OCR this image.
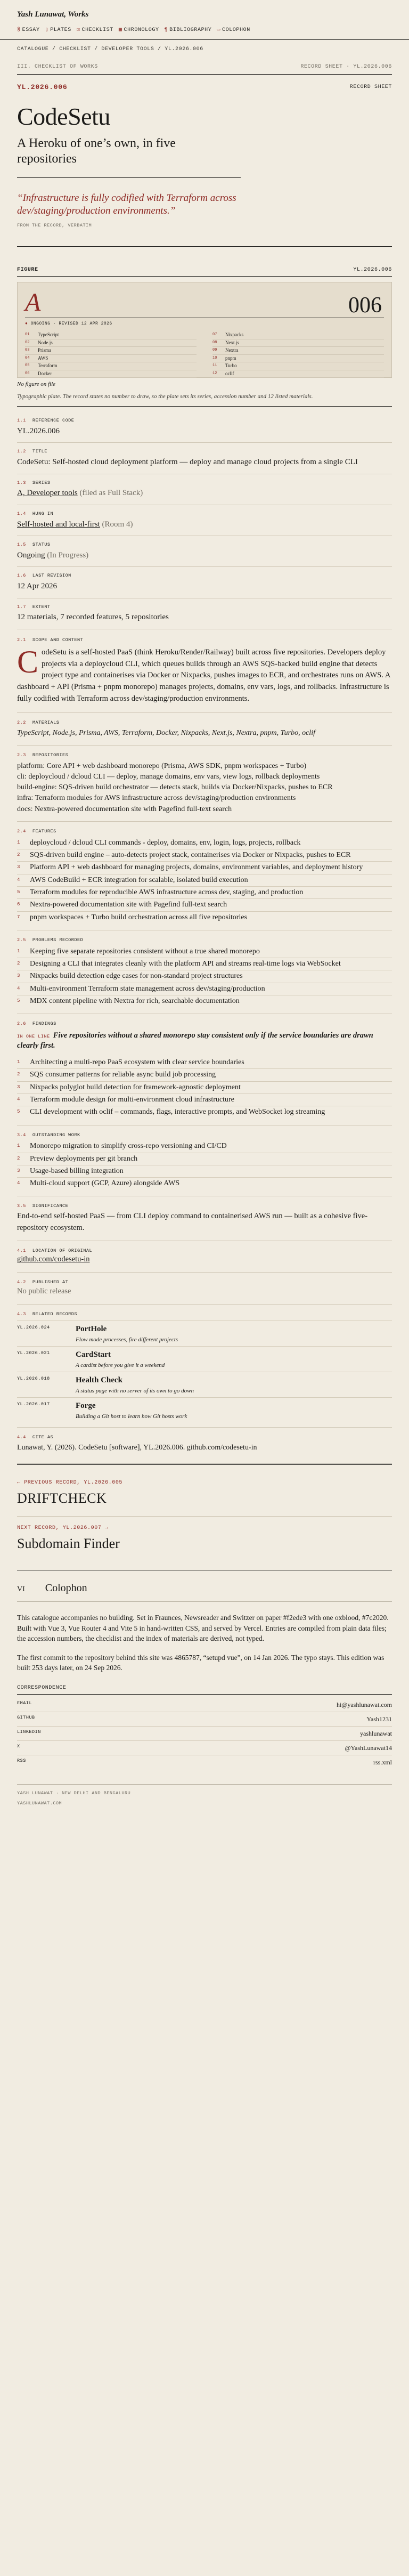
Yash Lunawat, Works
§ ESSAY ▯ PLATES ☑ CHECKLIST ▦ CHRONOLOGY ¶ BIBLIOGRAPHY ▭ COLOPHON
CATALOGUE / CHECKLIST / DEVELOPER TOOLS / YL.2026.006
III. CHECKLIST OF WORKS	RECORD SHEET · YL.2026.006
YL.2026.006	RECORD SHEET
CodeSetu
A Heroku of one’s own, in five repositories
“Infrastructure is fully codified with Terraform across dev/staging/production environments.”
FROM THE RECORD, VERBATIM
FIGURE	YL.2026.006
A	006
● ONGOING · REVISED 12 APR 2026
01	TypeScript
02	Node.js
03	Prisma
04	AWS
05	Terraform
06	Docker
07	Nixpacks
08	Next.js
09	Nextra
10	pnpm
11	Turbo
12	oclif
No figure on file
Typographic plate. The record states no number to draw, so the plate sets its series, accession number and 12 listed materials.
1.1 REFERENCE CODE
YL.2026.006
1.2 TITLE
CodeSetu: Self-hosted cloud deployment platform — deploy and manage cloud projects from a single CLI
1.3 SERIES
A, Developer tools (filed as Full Stack)
1.4 HUNG IN
Self-hosted and local-first (Room 4)
1.5 STATUS
Ongoing (In Progress)
1.6 LAST REVISION
12 Apr 2026
1.7 EXTENT
12 materials, 7 recorded features, 5 repositories
2.1 SCOPE AND CONTENT
C odeSetu is a self-hosted PaaS (think Heroku/Render/Railway) built across five repositories. Developers deploy projects via a deploycloud CLI, which queues builds through an AWS SQS-backed build engine that detects project type and containerises via Docker or Nixpacks, pushes images to ECR, and orchestrates runs on AWS. A dashboard + API (Prisma + pnpm monorepo) manages projects, domains, env vars, logs, and rollbacks. Infrastructure is fully codified with Terraform across dev/staging/production environments.
2.2 MATERIALS
TypeScript, Node.js, Prisma, AWS, Terraform, Docker, Nixpacks, Next.js, Nextra, pnpm, Turbo, oclif
2.3 REPOSITORIES
platform: Core API + web dashboard monorepo (Prisma, AWS SDK, pnpm workspaces + Turbo)
cli: deploycloud / dcloud CLI — deploy, manage domains, env vars, view logs, rollback deployments
build-engine: SQS-driven build orchestrator — detects stack, builds via Docker/Nixpacks, pushes to ECR
infra: Terraform modules for AWS infrastructure across dev/staging/production environments
docs: Nextra-powered documentation site with Pagefind full-text search
2.4 FEATURES
1	deploycloud / dcloud CLI commands - deploy, domains, env, login, logs, projects, rollback
2	SQS-driven build engine – auto-detects project stack, containerises via Docker or Nixpacks, pushes to ECR
3	Platform API + web dashboard for managing projects, domains, environment variables, and deployment history
4	AWS CodeBuild + ECR integration for scalable, isolated build execution
5	Terraform modules for reproducible AWS infrastructure across dev, staging, and production
6	Nextra-powered documentation site with Pagefind full-text search
7	pnpm workspaces + Turbo build orchestration across all five repositories
2.5 PROBLEMS RECORDED
1	Keeping five separate repositories consistent without a true shared monorepo
2	Designing a CLI that integrates cleanly with the platform API and streams real-time logs via WebSocket
3	Nixpacks build detection edge cases for non-standard project structures
4	Multi-environment Terraform state management across dev/staging/production
5	MDX content pipeline with Nextra for rich, searchable documentation
2.6 FINDINGS
IN ONE LINE Five repositories without a shared monorepo stay consistent only if the service boundaries are drawn clearly first.
1	Architecting a multi-repo PaaS ecosystem with clear service boundaries
2	SQS consumer patterns for reliable async build job processing
3	Nixpacks polyglot build detection for framework-agnostic deployment
4	Terraform module design for multi-environment cloud infrastructure
5	CLI development with oclif – commands, flags, interactive prompts, and WebSocket log streaming
3.4 OUTSTANDING WORK
1	Monorepo migration to simplify cross-repo versioning and CI/CD
2	Preview deployments per git branch
3	Usage-based billing integration
4	Multi-cloud support (GCP, Azure) alongside AWS
3.5 SIGNIFICANCE
End-to-end self-hosted PaaS — from CLI deploy command to containerised AWS run — built as a cohesive five-repository ecosystem.
4.1 LOCATION OF ORIGINAL
github.com/codesetu-in
4.2 PUBLISHED AT
No public release
4.3 RELATED RECORDS
YL.2026.024	PortHole
Flow mode processes, fire different projects
YL.2026.021	CardStart
A cardist before you give it a weekend
YL.2026.018	Health Check
A status page with no server of its own to go down
YL.2026.017	Forge
Building a Git host to learn how Git hosts work
4.4 CITE AS
Lunawat, Y. (2026). CodeSetu [software], YL.2026.006. github.com/codesetu-in
← PREVIOUS RECORD, YL.2026.005
DRIFTCHECK
NEXT RECORD, YL.2026.007 →
Subdomain Finder
VI Colophon

This catalogue accompanies no building. Set in Fraunces, Newsreader and Switzer on paper #f2ede3 with one oxblood, #7c2020. Built with Vue 3, Vue Router 4 and Vite 5 in hand-written CSS, and served by Vercel. Entries are compiled from plain data files; the accession numbers, the checklist and the index of materials are derived, not typed.

The first commit to the repository behind this site was 4865787, “setupd vue”, on 14 Jan 2026. The typo stays. This edition was built 253 days later, on 24 Sep 2026.

CORRESPONDENCE
EMAIL	hi@yashlunawat.com
GITHUB	Yash1231
LINKEDIN	yashlunawat
X	@YashLunawat14
RSS	rss.xml
YASH LUNAWAT · NEW DELHI AND BENGALURU
YASHLUNAWAT.COM
